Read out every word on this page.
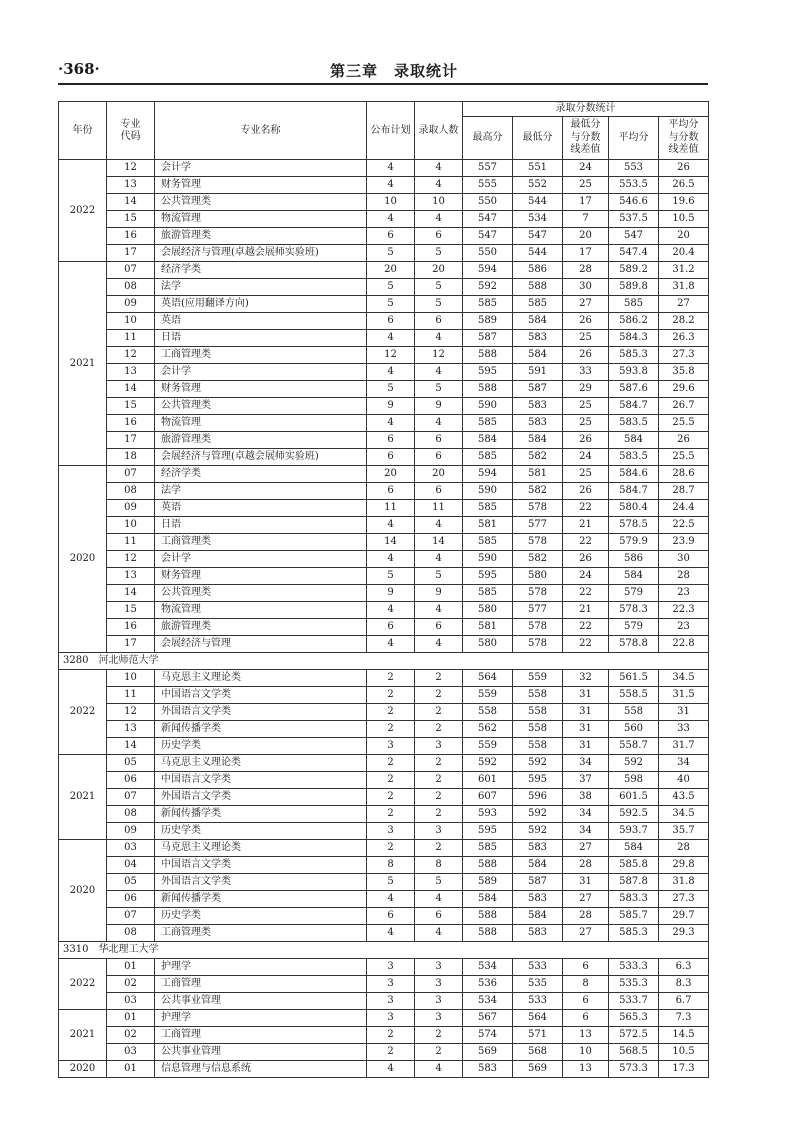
·368·	第三章　录取统计
年份	专业代码	专业名称	公布计划	录取人数	录取分数统计				
					最高分	最低分	最低分与分数线差值	平均分	平均分与分数线差值
2022	12	会计学	4	4	557	551	24	553	26
	13	财务管理	4	4	555	552	25	553.5	26.5
	14	公共管理类	10	10	550	544	17	546.6	19.6
	15	物流管理	4	4	547	534	7	537.5	10.5
	16	旅游管理类	6	6	547	547	20	547	20
	17	会展经济与管理(卓越会展师实验班)	5	5	550	544	17	547.4	20.4
2021	07	经济学类	20	20	594	586	28	589.2	31.2
	08	法学	5	5	592	588	30	589.8	31.8
	09	英语(应用翻译方向)	5	5	585	585	27	585	27
	10	英语	6	6	589	584	26	586.2	28.2
	11	日语	4	4	587	583	25	584.3	26.3
	12	工商管理类	12	12	588	584	26	585.3	27.3
	13	会计学	4	4	595	591	33	593.8	35.8
	14	财务管理	5	5	588	587	29	587.6	29.6
	15	公共管理类	9	9	590	583	25	584.7	26.7
	16	物流管理	4	4	585	583	25	583.5	25.5
	17	旅游管理类	6	6	584	584	26	584	26
	18	会展经济与管理(卓越会展师实验班)	6	6	585	582	24	583.5	25.5
2020	07	经济学类	20	20	594	581	25	584.6	28.6
	08	法学	6	6	590	582	26	584.7	28.7
	09	英语	11	11	585	578	22	580.4	24.4
	10	日语	4	4	581	577	21	578.5	22.5
	11	工商管理类	14	14	585	578	22	579.9	23.9
	12	会计学	4	4	590	582	26	586	30
	13	财务管理	5	5	595	580	24	584	28
	14	公共管理类	9	9	585	578	22	579	23
	15	物流管理	4	4	580	577	21	578.3	22.3
	16	旅游管理类	6	6	581	578	22	579	23
	17	会展经济与管理	4	4	580	578	22	578.8	22.8
3280　河北师范大学									
2022	10	马克思主义理论类	2	2	564	559	32	561.5	34.5
	11	中国语言文学类	2	2	559	558	31	558.5	31.5
	12	外国语言文学类	2	2	558	558	31	558	31
	13	新闻传播学类	2	2	562	558	31	560	33
	14	历史学类	3	3	559	558	31	558.7	31.7
2021	05	马克思主义理论类	2	2	592	592	34	592	34
	06	中国语言文学类	2	2	601	595	37	598	40
	07	外国语言文学类	2	2	607	596	38	601.5	43.5
	08	新闻传播学类	2	2	593	592	34	592.5	34.5
	09	历史学类	3	3	595	592	34	593.7	35.7
2020	03	马克思主义理论类	2	2	585	583	27	584	28
	04	中国语言文学类	8	8	588	584	28	585.8	29.8
	05	外国语言文学类	5	5	589	587	31	587.8	31.8
	06	新闻传播学类	4	4	584	583	27	583.3	27.3
	07	历史学类	6	6	588	584	28	585.7	29.7
	08	工商管理类	4	4	588	583	27	585.3	29.3
3310　华北理工大学									
2022	01	护理学	3	3	534	533	6	533.3	6.3
	02	工商管理	3	3	536	535	8	535.3	8.3
	03	公共事业管理	3	3	534	533	6	533.7	6.7
2021	01	护理学	3	3	567	564	6	565.3	7.3
	02	工商管理	2	2	574	571	13	572.5	14.5
	03	公共事业管理	2	2	569	568	10	568.5	10.5
2020	01	信息管理与信息系统	4	4	583	569	13	573.3	17.3
